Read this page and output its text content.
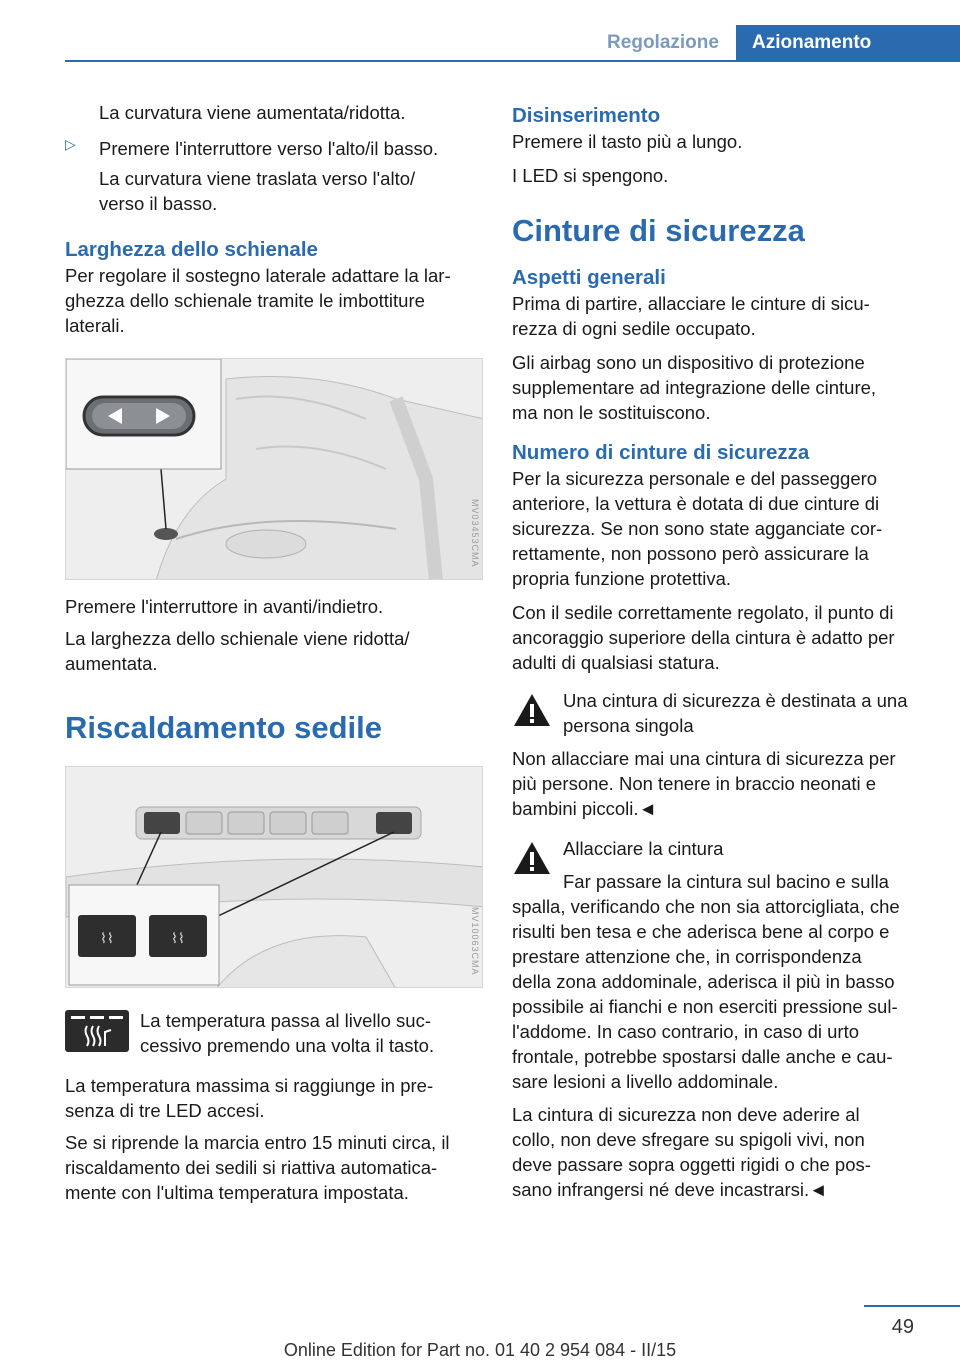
Regolazione	Azionamento

La curvatura viene aumentata/ridotta.

▷ Premere l'interruttore verso l'alto/il basso.

La curvatura viene traslata verso l'alto/
verso il basso.

Larghezza dello schienale

Per regolare il sostegno laterale adattare la lar-
ghezza dello schienale tramite le imbottiture
laterali.

MV03453CMA

Premere l'interruttore in avanti/indietro.

La larghezza dello schienale viene ridotta/
aumentata.

Riscaldamento sedile
⌇⌇	⌇⌇	MV10063CMA

La temperatura passa al livello suc-
cessivo premendo una volta il tasto.

La temperatura massima si raggiunge in pre-
senza di tre LED accesi.

Se si riprende la marcia entro 15 minuti circa, il
riscaldamento dei sedili si riattiva automatica-
mente con l'ultima temperatura impostata.

Disinserimento

Premere il tasto più a lungo.

I LED si spengono.

Cinture di sicurezza
Aspetti generali

Prima di partire, allacciare le cinture di sicu-
rezza di ogni sedile occupato.

Gli airbag sono un dispositivo di protezione
supplementare ad integrazione delle cinture,
ma non le sostituiscono.

Numero di cinture di sicurezza

Per la sicurezza personale e del passeggero
anteriore, la vettura è dotata di due cinture di
sicurezza. Se non sono state agganciate cor-
rettamente, non possono però assicurare la
propria funzione protettiva.

Con il sedile correttamente regolato, il punto di
ancoraggio superiore della cintura è adatto per
adulti di qualsiasi statura.

Una cintura di sicurezza è destinata a una
persona singola

Non allacciare mai una cintura di sicurezza per
più persone. Non tenere in braccio neonati e
bambini piccoli.◄

Allacciare la cintura

Far passare la cintura sul bacino e sulla

spalla, verificando che non sia attorcigliata, che
risulti ben tesa e che aderisca bene al corpo e
prestare attenzione che, in corrispondenza
della zona addominale, aderisca il più in basso
possibile ai fianchi e non eserciti pressione sul-
l'addome. In caso contrario, in caso di urto
frontale, potrebbe spostarsi dalle anche e cau-
sare lesioni a livello addominale.

La cintura di sicurezza non deve aderire al
collo, non deve sfregare su spigoli vivi, non
deve passare sopra oggetti rigidi o che pos-
sano infrangersi né deve incastrarsi.◄

49
Online Edition for Part no. 01 40 2 954 084 - II/15
